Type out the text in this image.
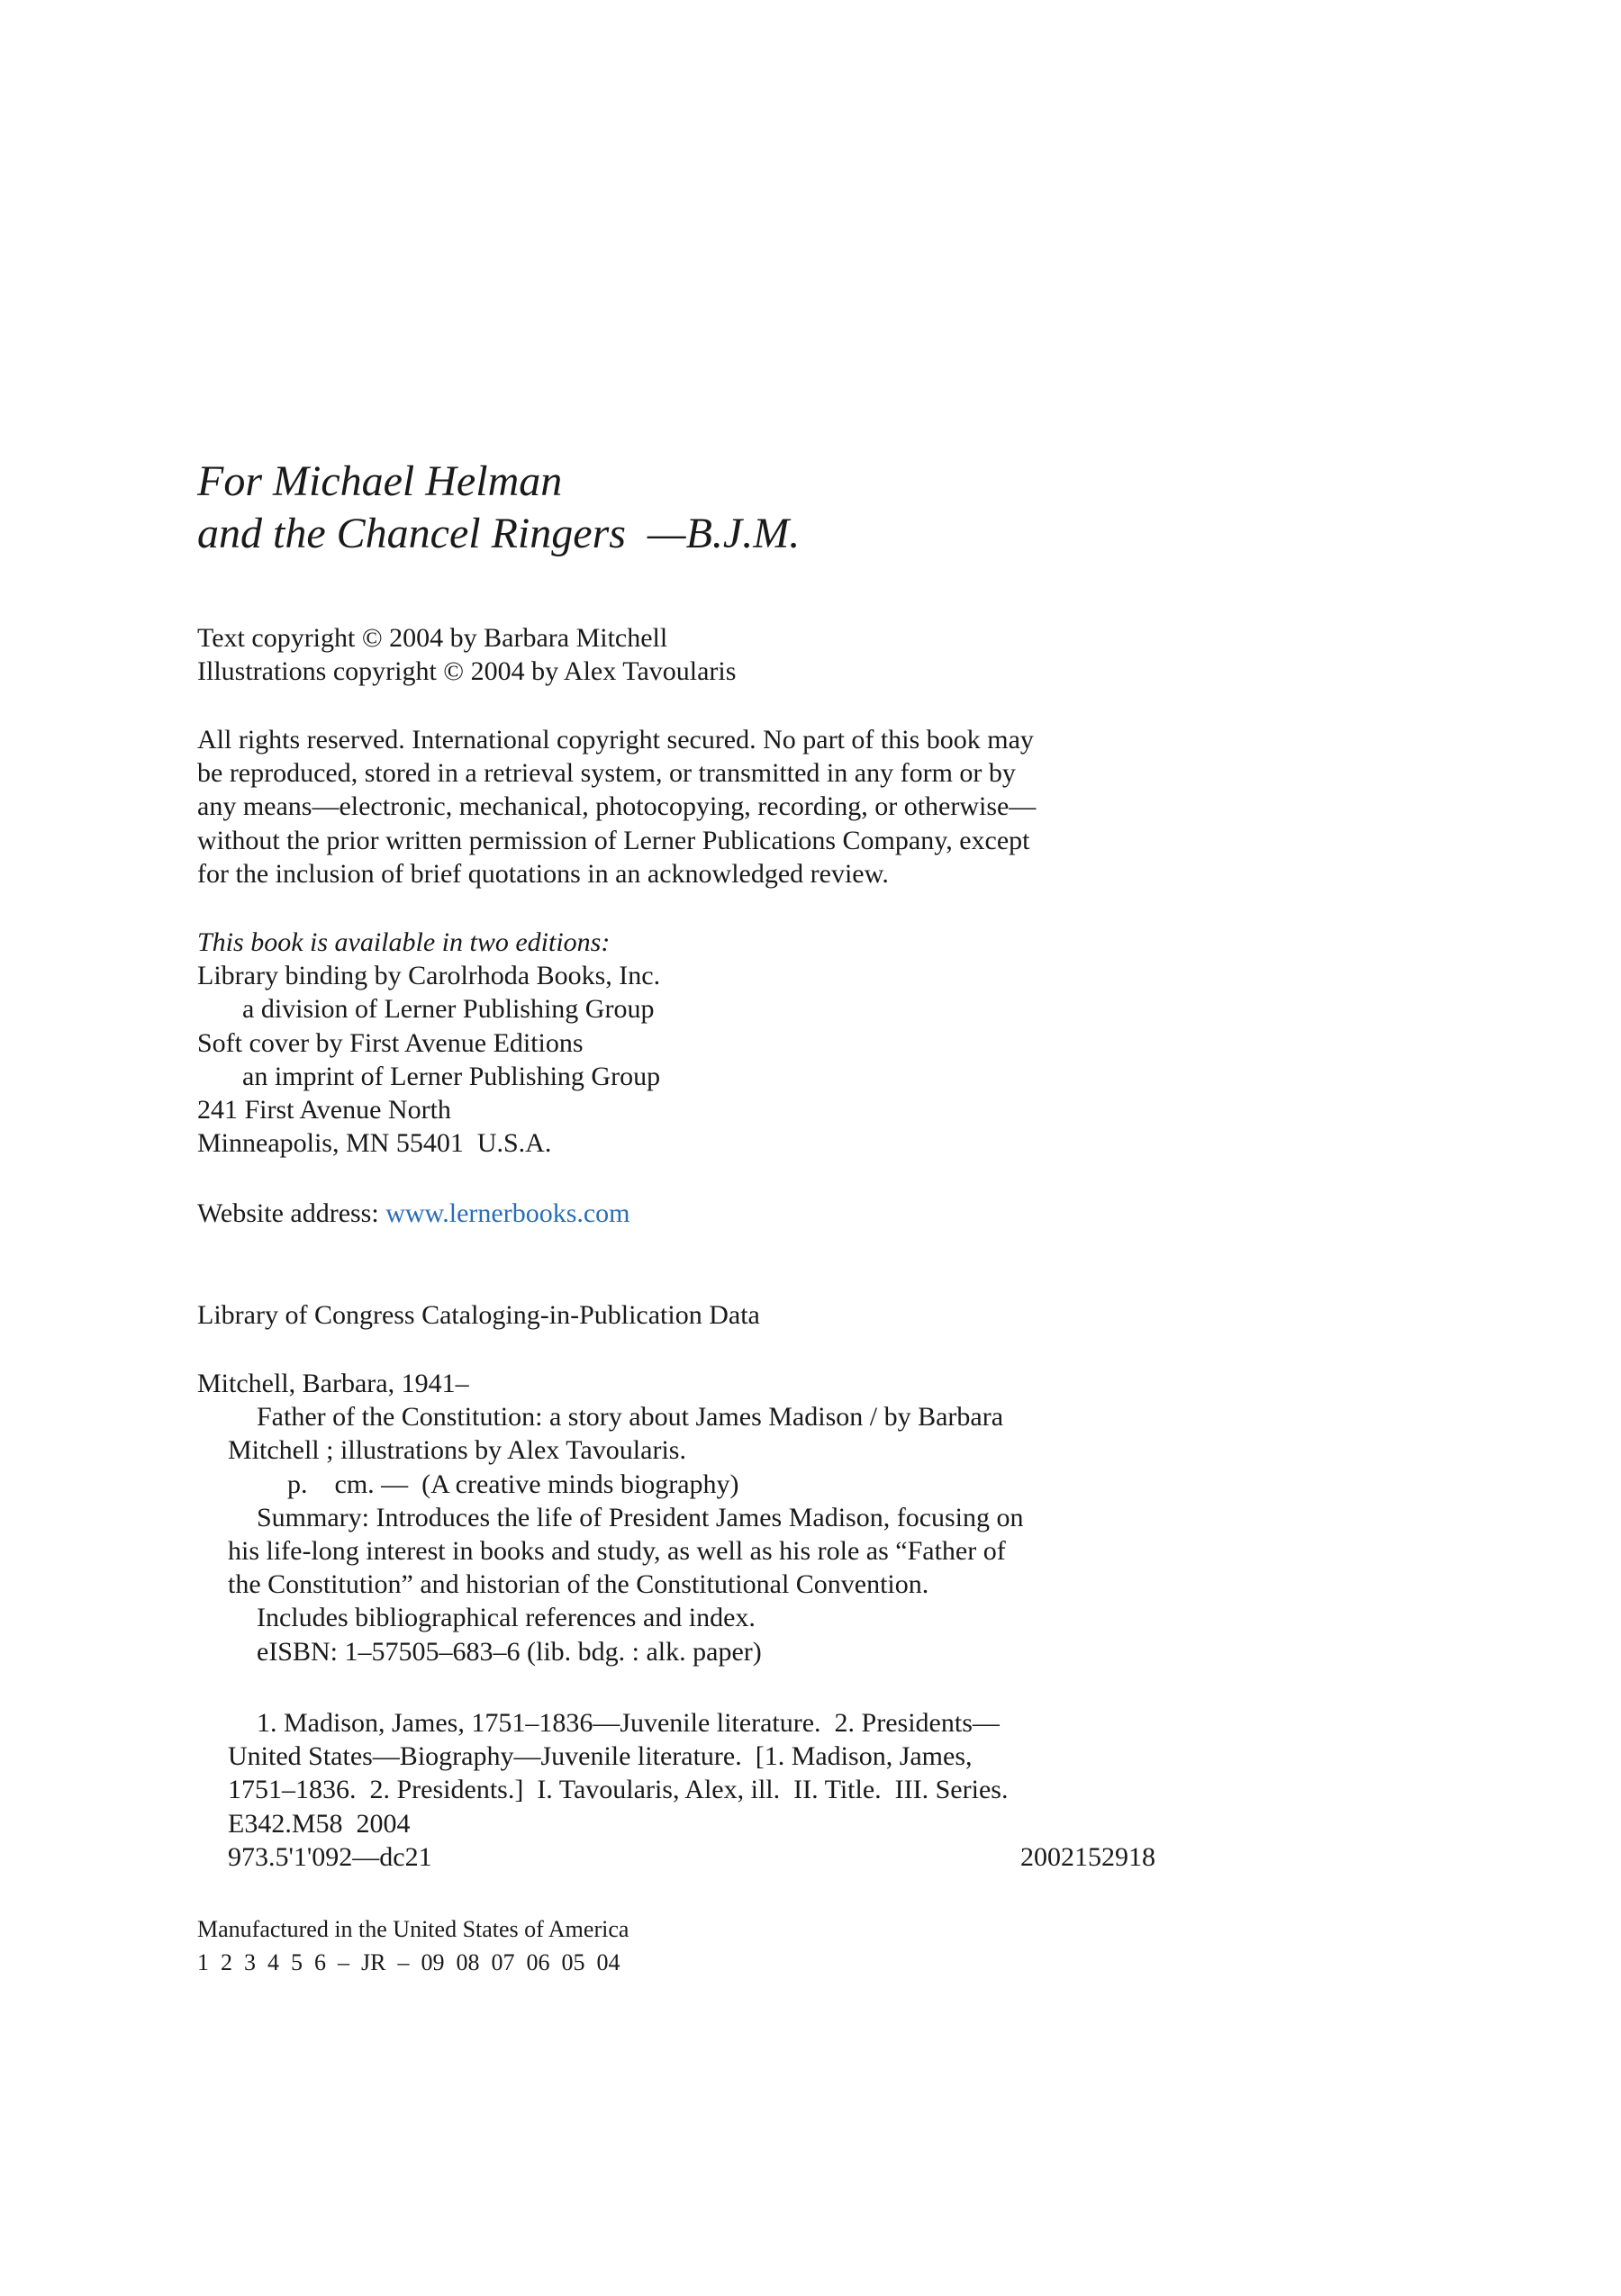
For Michael Helman
and the Chancel Ringers  —B.J.M.
Text copyright © 2004 by Barbara Mitchell
Illustrations copyright © 2004 by Alex Tavoularis
All rights reserved. International copyright secured. No part of this book may
be reproduced, stored in a retrieval system, or transmitted in any form or by
any means—electronic, mechanical, photocopying, recording, or otherwise—
without the prior written permission of Lerner Publications Company, except
for the inclusion of brief quotations in an acknowledged review.
This book is available in two editions:
Library binding by Carolrhoda Books, Inc.
a division of Lerner Publishing Group
Soft cover by First Avenue Editions
an imprint of Lerner Publishing Group
241 First Avenue North
Minneapolis, MN 55401  U.S.A.
Website address: www.lernerbooks.com
Library of Congress Cataloging-in-Publication Data
Mitchell, Barbara, 1941–
Father of the Constitution: a story about James Madison / by Barbara
Mitchell ; illustrations by Alex Tavoularis.
p.    cm. —  (A creative minds biography)
Summary: Introduces the life of President James Madison, focusing on
his life-long interest in books and study, as well as his role as “Father of
the Constitution” and historian of the Constitutional Convention.
Includes bibliographical references and index.
eISBN: 1–57505–683–6 (lib. bdg. : alk. paper)
1. Madison, James, 1751–1836—Juvenile literature.  2. Presidents—
United States—Biography—Juvenile literature.  [1. Madison, James,
1751–1836.  2. Presidents.]  I. Tavoularis, Alex, ill.  II. Title.  III. Series.
E342.M58  2004
973.5'1'092—dc21	2002152918
Manufactured in the United States of America
1  2  3  4  5  6  –  JR  –  09  08  07  06  05  04
